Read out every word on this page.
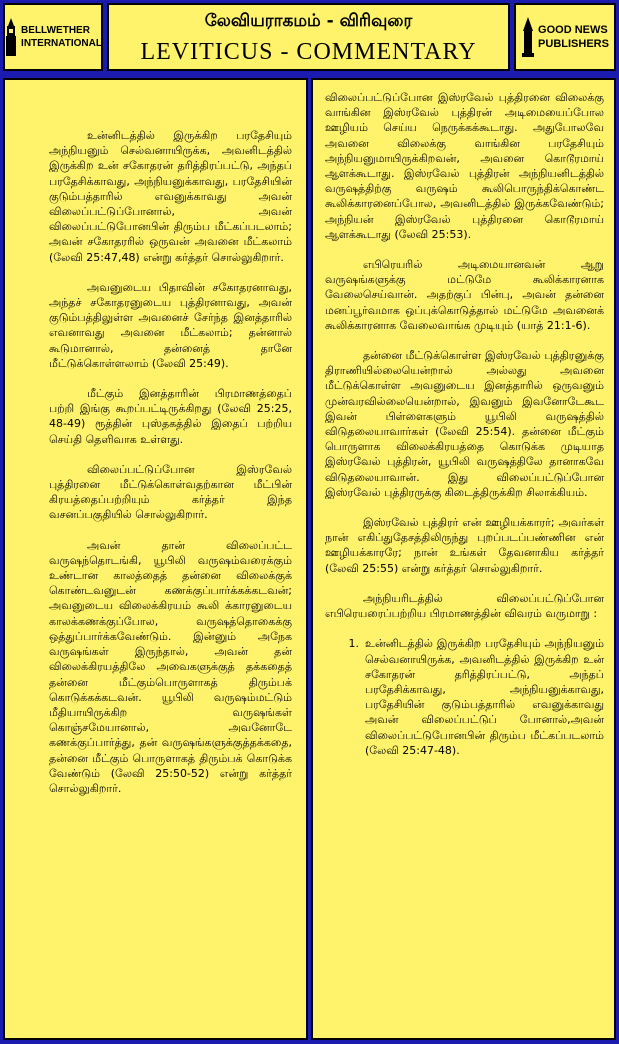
BELLWETHER
INTERNATIONAL
லேவியராகமம் - விரிவுரை
LEVITICUS - COMMENTARY
GOOD NEWS
PUBLISHERS

உன்னிடத்தில் இருக்கிற பரதேசியும் அந்நியனும் செல்வனாயிருக்க, அவனிடத்தில் இருக்கிற உன் சகோதரன் தரித்திரப்பட்டு, அந்தப் பரதேசிக்காவது, அந்நியனுக்காவது, பரதேசியின் குடும்பத்தாரில் எவனுக்காவது அவன் விலைப்பட்டுப்போனால், அவன் விலைப்பட்டுபோனபின் திரும்ப மீட்கப்படலாம்; அவன் சகோதரரில் ஒருவன் அவனை மீட்கலாம் (லேவி 25:47,48) என்று கர்த்தர் சொல்லுகிறார்.

அவனுடைய பிதாவின் சகோதரனாவது, அந்தச் சகோதரனுடைய புத்திரனாவது, அவன் குடும்பத்திலுள்ள அவனைச் சேர்ந்த இனத்தாரில் எவனாவது அவனை மீட்கலாம்; தன்னால் கூடுமானால், தன்னைத் தானே மீட்டுக்கொள்ளலாம் (லேவி 25:49).

மீட்கும் இனத்தாரின் பிரமாணத்தைப் பற்றி இங்கு கூறப்பட்டிருக்கிறது (லேவி 25:25, 48-49) ரூத்தின் புஸ்தகத்தில் இதைப் பற்றிய செய்தி தெளிவாக உள்ளது.

விலைப்பட்டுப்போன இஸ்ரவேல் புத்திரனை மீட்டுக்கொள்வதற்கான மீட்பின் கிரயத்தைப்பற்றியும் கர்த்தர் இந்த வசனப்பகுதியில் சொல்லுகிறார்.

அவன் தான் விலைப்பட்ட வருஷந்தொடங்கி, யூபிலி வருஷம்வரைக்கும் உண்டான காலத்தைத் தன்னை விலைக்குக் கொண்டவனுடன் கணக்குப்பார்க்கக்கடவன்; அவனுடைய விலைக்கிரயம் கூலி க்காரனுடைய காலக்கணக்குப்போல, வருஷத்தொகைக்கு ஒத்துப்பார்க்கவேண்டும். இன்னும் அநேக வருஷங்கள் இருந்தால், அவன் தன் விலைக்கிரயத்திலே அவைகளுக்குத் தக்கதைத் தன்னை மீட்கும்பொருளாகத் திரும்பக் கொடுக்கக்கடவன். யூபிலி வருஷம்மட்டும் மீதியாயிருக்கிற வருஷங்கள் கொஞ்சமேயானால், அவனோடே கணக்குப்பார்த்து, தன் வருஷங்களுக்குத்தக்கதை, தன்னை மீட்கும் பொருளாகத் திரும்பக் கொடுக்க வேண்டும் (லேவி 25:50-52) என்று கர்த்தர் சொல்லுகிறார்.

விலைப்பட்டுப்போன இஸ்ரவேல் புத்திரனை விலைக்கு வாங்கின இஸ்ரவேல் புத்திரன் அடிமையைப்போல ஊழியம் செய்ய நெருக்கக்கூடாது. அதுபோலவே அவனை விலைக்கு வாங்கின பரதேசியும் அந்நியனுமாயிருக்கிறவன், அவனை கொடூரமாய் ஆளக்கூடாது. இஸ்ரவேல் புத்திரன் அந்நியனிடத்தில் வருஷத்திற்கு வருஷம் கூலிபொருந்திக்கொண்ட கூலிக்காரனைப்போல, அவனிடத்தில் இருக்கவேண்டும்; அந்நியன் இஸ்ரவேல் புத்திரனை கொடூரமாய் ஆளக்கூடாது (லேவி 25:53).

எபிரெயரில் அடிமையானவன் ஆறு வருஷங்களுக்கு மட்டுமே கூலிக்காரனாக வேலைசெய்வான். அதற்குப் பின்பு, அவன் தன்னை மனப்பூர்வமாக ஒப்புக்கொடுத்தால் மட்டுமே அவனைக் கூலிக்காரனாக வேலைவாங்க முடியும் (யாத் 21:1-6).

தன்னை மீட்டுக்கொள்ள இஸ்ரவேல் புத்திரனுக்கு திராணியில்லையென்றால் அல்லது அவனை மீட்டுக்கொள்ள அவனுடைய இனத்தாரில் ஒருவனும் முன்வரவில்லையென்றால், இவனும் இவனோடேகூட இவன் பிள்ளைகளும் யூபிலி வருஷத்தில் விடுதலையாவார்கள் (லேவி 25:54). தன்னை மீட்கும் பொருளாக விலைக்கிரயத்தை கொடுக்க முடியாத இஸ்ரவேல் புத்திரன், யூபிலி வருஷத்திலே தானாகவே விடுதலையாவான். இது விலைப்பட்டுப்போன இஸ்ரவேல் புத்திரருக்கு கிடைத்திருக்கிற சிலாக்கியம்.

இஸ்ரவேல் புத்திரர் என் ஊழியக்காரர்; அவர்கள் நான் எகிப்துதேசத்திலிருந்து புறப்படப்பண்ணின என் ஊழியக்காரரே; நான் உங்கள் தேவனாகிய கர்த்தர் (லேவி 25:55) என்று கர்த்தர் சொல்லுகிறார்.

அந்நியரிடத்தில் விலைப்பட்டுப்போன எபிரெயரைப்பற்றிய பிரமாணத்தின் விவரம் வருமாறு :

1. உன்னிடத்தில் இருக்கிற பரதேசியும் அந்நியனும் செல்வனாயிருக்க, அவனிடத்தில் இருக்கிற உன் சகோதரன் தரித்திரப்பட்டு, அந்தப் பரதேசிக்காவது, அந்நியனுக்காவது, பரதேசியின் குடும்பத்தாரில் எவனுக்காவது அவன் விலைப்பட்டுப் போனால்,அவன் விலைப்பட்டுபோனபின் திரும்ப மீட்கப்படலாம் (லேவி 25:47-48).
